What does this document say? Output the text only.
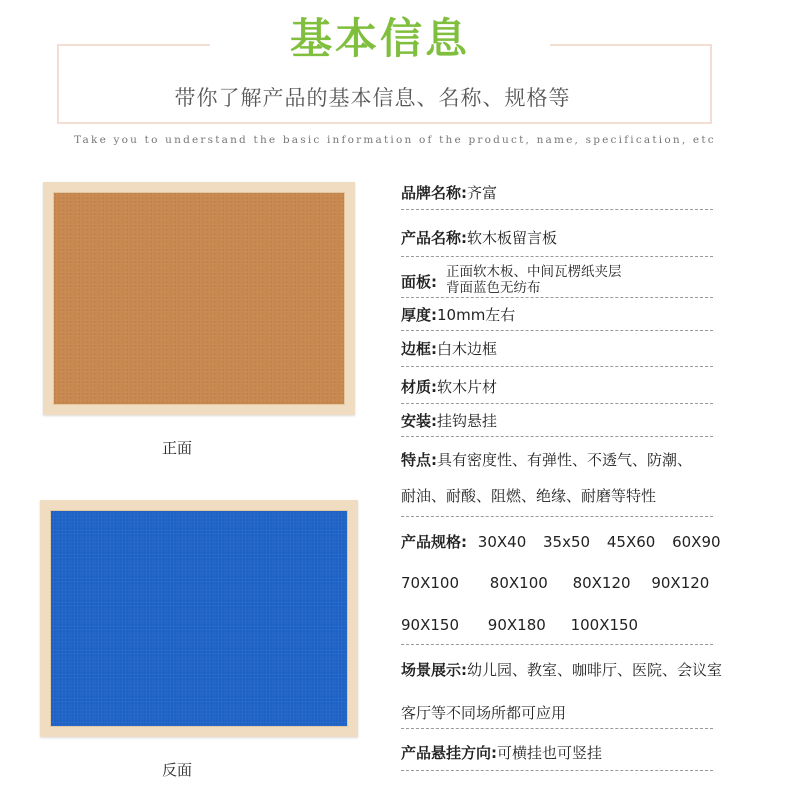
基本信息
带你了解产品的基本信息、名称、规格等
Take you to understand the basic information of the product, name, specification, etc
正面
反面
品牌名称:齐富
产品名称:软木板留言板
面板:
正面软木板、中间瓦楞纸夹层
背面蓝色无纺布
厚度:10mm左右
边框:白木边框
材质:软木片材
安装:挂钩悬挂
特点:具有密度性、有弹性、不透气、防潮、
耐油、耐酸、阻燃、绝缘、耐磨等特性
产品规格: 30X40 35x50 45X60 60X90
70X100 80X100 80X120 90X120
90X150 90X180 100X150
场景展示:幼儿园、教室、咖啡厅、医院、会议室
客厅等不同场所都可应用
产品悬挂方向:可横挂也可竖挂
